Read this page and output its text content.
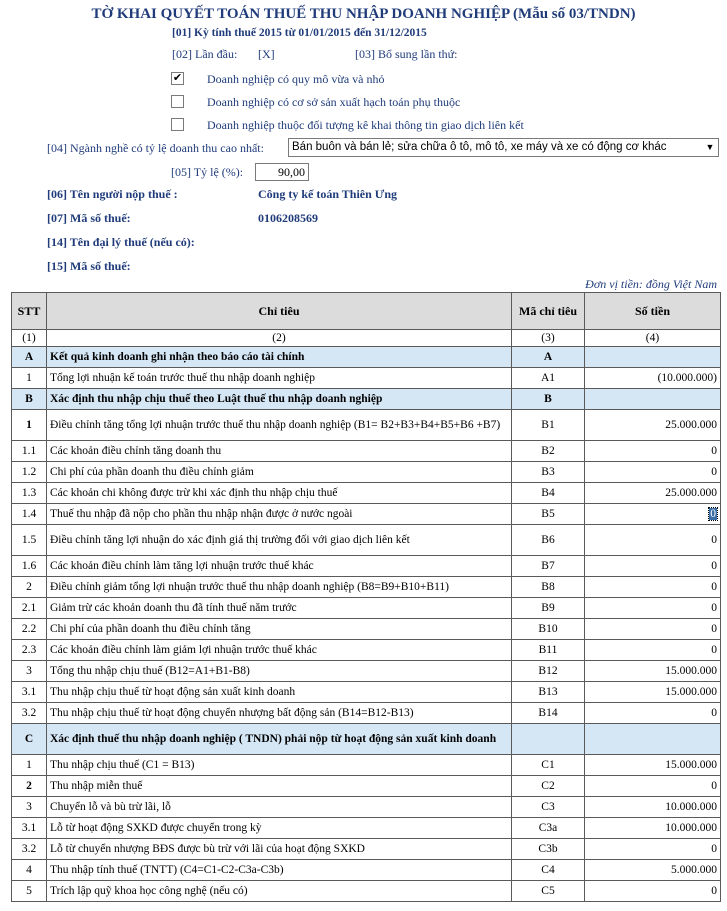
TỜ KHAI QUYẾT TOÁN THUẾ THU NHẬP DOANH NGHIỆP (Mẫu số 03/TNDN)
[01] Kỳ tính thuế 2015 từ 01/01/2015 đến 31/12/2015
[02] Lần đầu: [X]	[03] Bổ sung lần thứ:
✔ Doanh nghiệp có quy mô vừa và nhỏ
Doanh nghiệp có cơ sở sản xuất hạch toán phụ thuộc
Doanh nghiệp thuộc đối tượng kê khai thông tin giao dịch liên kết
[04] Ngành nghề có tỷ lệ doanh thu cao nhất:	Bán buôn và bán lẻ; sửa chữa ô tô, mô tô, xe máy và xe có động cơ khác	▼
[05] Tỷ lệ (%):	90,00
[06] Tên người nộp thuế :	Công ty kế toán Thiên Ưng
[07] Mã số thuế:	0106208569
[14] Tên đại lý thuế (nếu có):
[15] Mã số thuế:
Đơn vị tiền: đồng Việt Nam
STT	Chỉ tiêu	Mã chỉ tiêu	Số tiền
(1)	(2)	(3)	(4)
A	Kết quả kinh doanh ghi nhận theo báo cáo tài chính	A	
1	Tổng lợi nhuận kế toán trước thuế thu nhập doanh nghiệp	A1	(10.000.000)
B	Xác định thu nhập chịu thuế theo Luật thuế thu nhập doanh nghiệp	B	
1	Điều chỉnh tăng tổng lợi nhuận trước thuế thu nhập doanh nghiệp (B1= B2+B3+B4+B5+B6 +B7)	B1	25.000.000
1.1	Các khoản điều chỉnh tăng doanh thu	B2	0
1.2	Chi phí của phần doanh thu điều chỉnh giảm	B3	0
1.3	Các khoản chi không được trừ khi xác định thu nhập chịu thuế	B4	25.000.000
1.4	Thuế thu nhập đã nộp cho phần thu nhập nhận được ở nước ngoài	B5	0
1.5	Điều chỉnh tăng lợi nhuận do xác định giá thị trường đối với giao dịch liên kết	B6	0
1.6	Các khoản điều chỉnh làm tăng lợi nhuận trước thuế khác	B7	0
2	Điều chỉnh giảm tổng lợi nhuận trước thuế thu nhập doanh nghiệp (B8=B9+B10+B11)	B8	0
2.1	Giảm trừ các khoản doanh thu đã tính thuế năm trước	B9	0
2.2	Chi phí của phần doanh thu điều chỉnh tăng	B10	0
2.3	Các khoản điều chỉnh làm giảm lợi nhuận trước thuế khác	B11	0
3	Tổng thu nhập chịu thuế (B12=A1+B1-B8)	B12	15.000.000
3.1	Thu nhập chịu thuế từ hoạt động sản xuất kinh doanh	B13	15.000.000
3.2	Thu nhập chịu thuế từ hoạt động chuyển nhượng bất động sản (B14=B12-B13)	B14	0
C	Xác định thuế thu nhập doanh nghiệp ( TNDN) phải nộp từ hoạt động sản xuất kinh doanh		
1	Thu nhập chịu thuế (C1 = B13)	C1	15.000.000
2	Thu nhập miễn thuế	C2	0
3	Chuyển lỗ và bù trừ lãi, lỗ	C3	10.000.000
3.1	Lỗ từ hoạt động SXKD được chuyển trong kỳ	C3a	10.000.000
3.2	Lỗ từ chuyển nhượng BĐS được bù trừ với lãi của hoạt động SXKD	C3b	0
4	Thu nhập tính thuế (TNTT) (C4=C1-C2-C3a-C3b)	C4	5.000.000
5	Trích lập quỹ khoa học công nghệ (nếu có)	C5	0
